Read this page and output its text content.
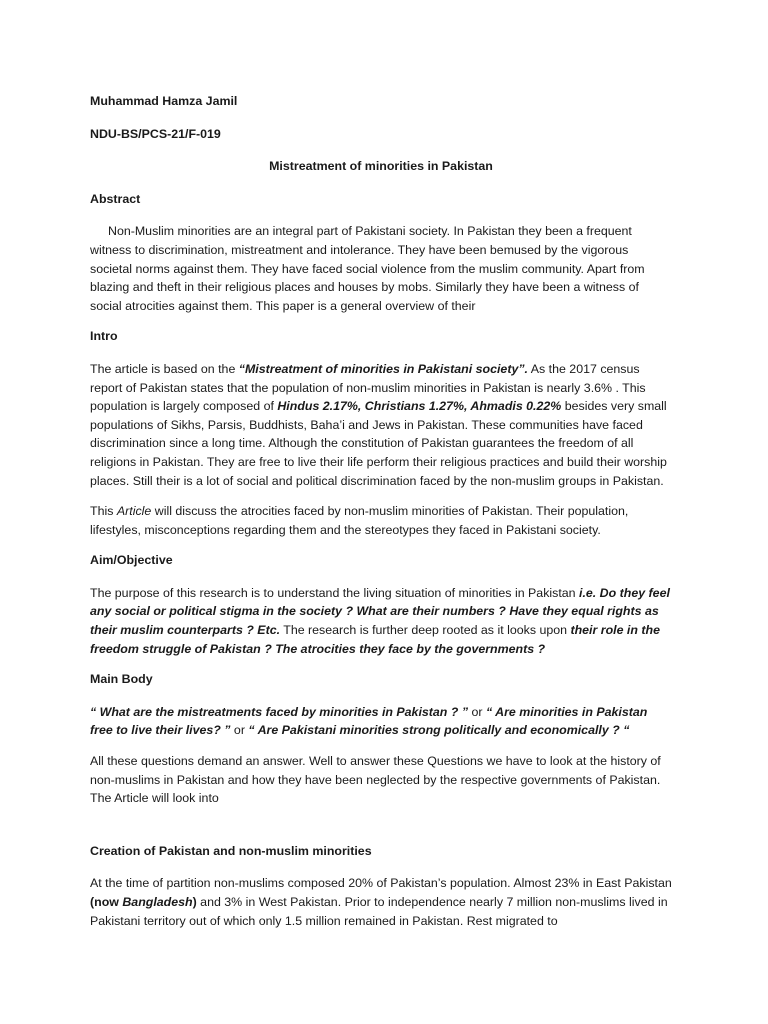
Muhammad Hamza Jamil

NDU-BS/PCS-21/F-019

Mistreatment of minorities in Pakistan

Abstract

Non-Muslim minorities are an integral part of Pakistani society. In Pakistan they been a frequent witness to discrimination, mistreatment and intolerance. They have been bemused by the vigorous societal norms against them. They have faced social violence from the muslim community. Apart from blazing and theft in their religious places and houses by mobs. Similarly they have been a witness of social atrocities against them. This paper is a general overview of their

Intro

The article is based on the “Mistreatment of minorities in Pakistani society”. As the 2017 census report of Pakistan states that the population of non-muslim minorities in Pakistan is nearly 3.6% . This population is largely composed of Hindus 2.17%, Christians 1.27%, Ahmadis 0.22% besides very small populations of Sikhs, Parsis, Buddhists, Baha’i and Jews in Pakistan. These communities have faced discrimination since a long time. Although the constitution of Pakistan guarantees the freedom of all religions in Pakistan. They are free to live their life perform their religious practices and build their worship places. Still their is a lot of social and political discrimination faced by the non-muslim groups in Pakistan.

This Article will discuss the atrocities faced by non-muslim minorities of Pakistan. Their population, lifestyles, misconceptions regarding them and the stereotypes they faced in Pakistani society.

Aim/Objective

The purpose of this research is to understand the living situation of minorities in Pakistan i.e. Do they feel any social or political stigma in the society ? What are their numbers ? Have they equal rights as their muslim counterparts ? Etc. The research is further deep rooted as it looks upon their role in the freedom struggle of Pakistan ? The atrocities they face by the governments ?

Main Body

“ What are the mistreatments faced by minorities in Pakistan ? ” or “ Are minorities in Pakistan free to live their lives? ” or “ Are Pakistani minorities strong politically and economically ? “

All these questions demand an answer. Well to answer these Questions we have to look at the history of non-muslims in Pakistan and how they have been neglected by the respective governments of Pakistan. The Article will look into

Creation of Pakistan and non-muslim minorities

At the time of partition non-muslims composed 20% of Pakistan’s population. Almost 23% in East Pakistan (now Bangladesh) and 3% in West Pakistan. Prior to independence nearly 7 million non-muslims lived in Pakistani territory out of which only 1.5 million remained in Pakistan. Rest migrated to
